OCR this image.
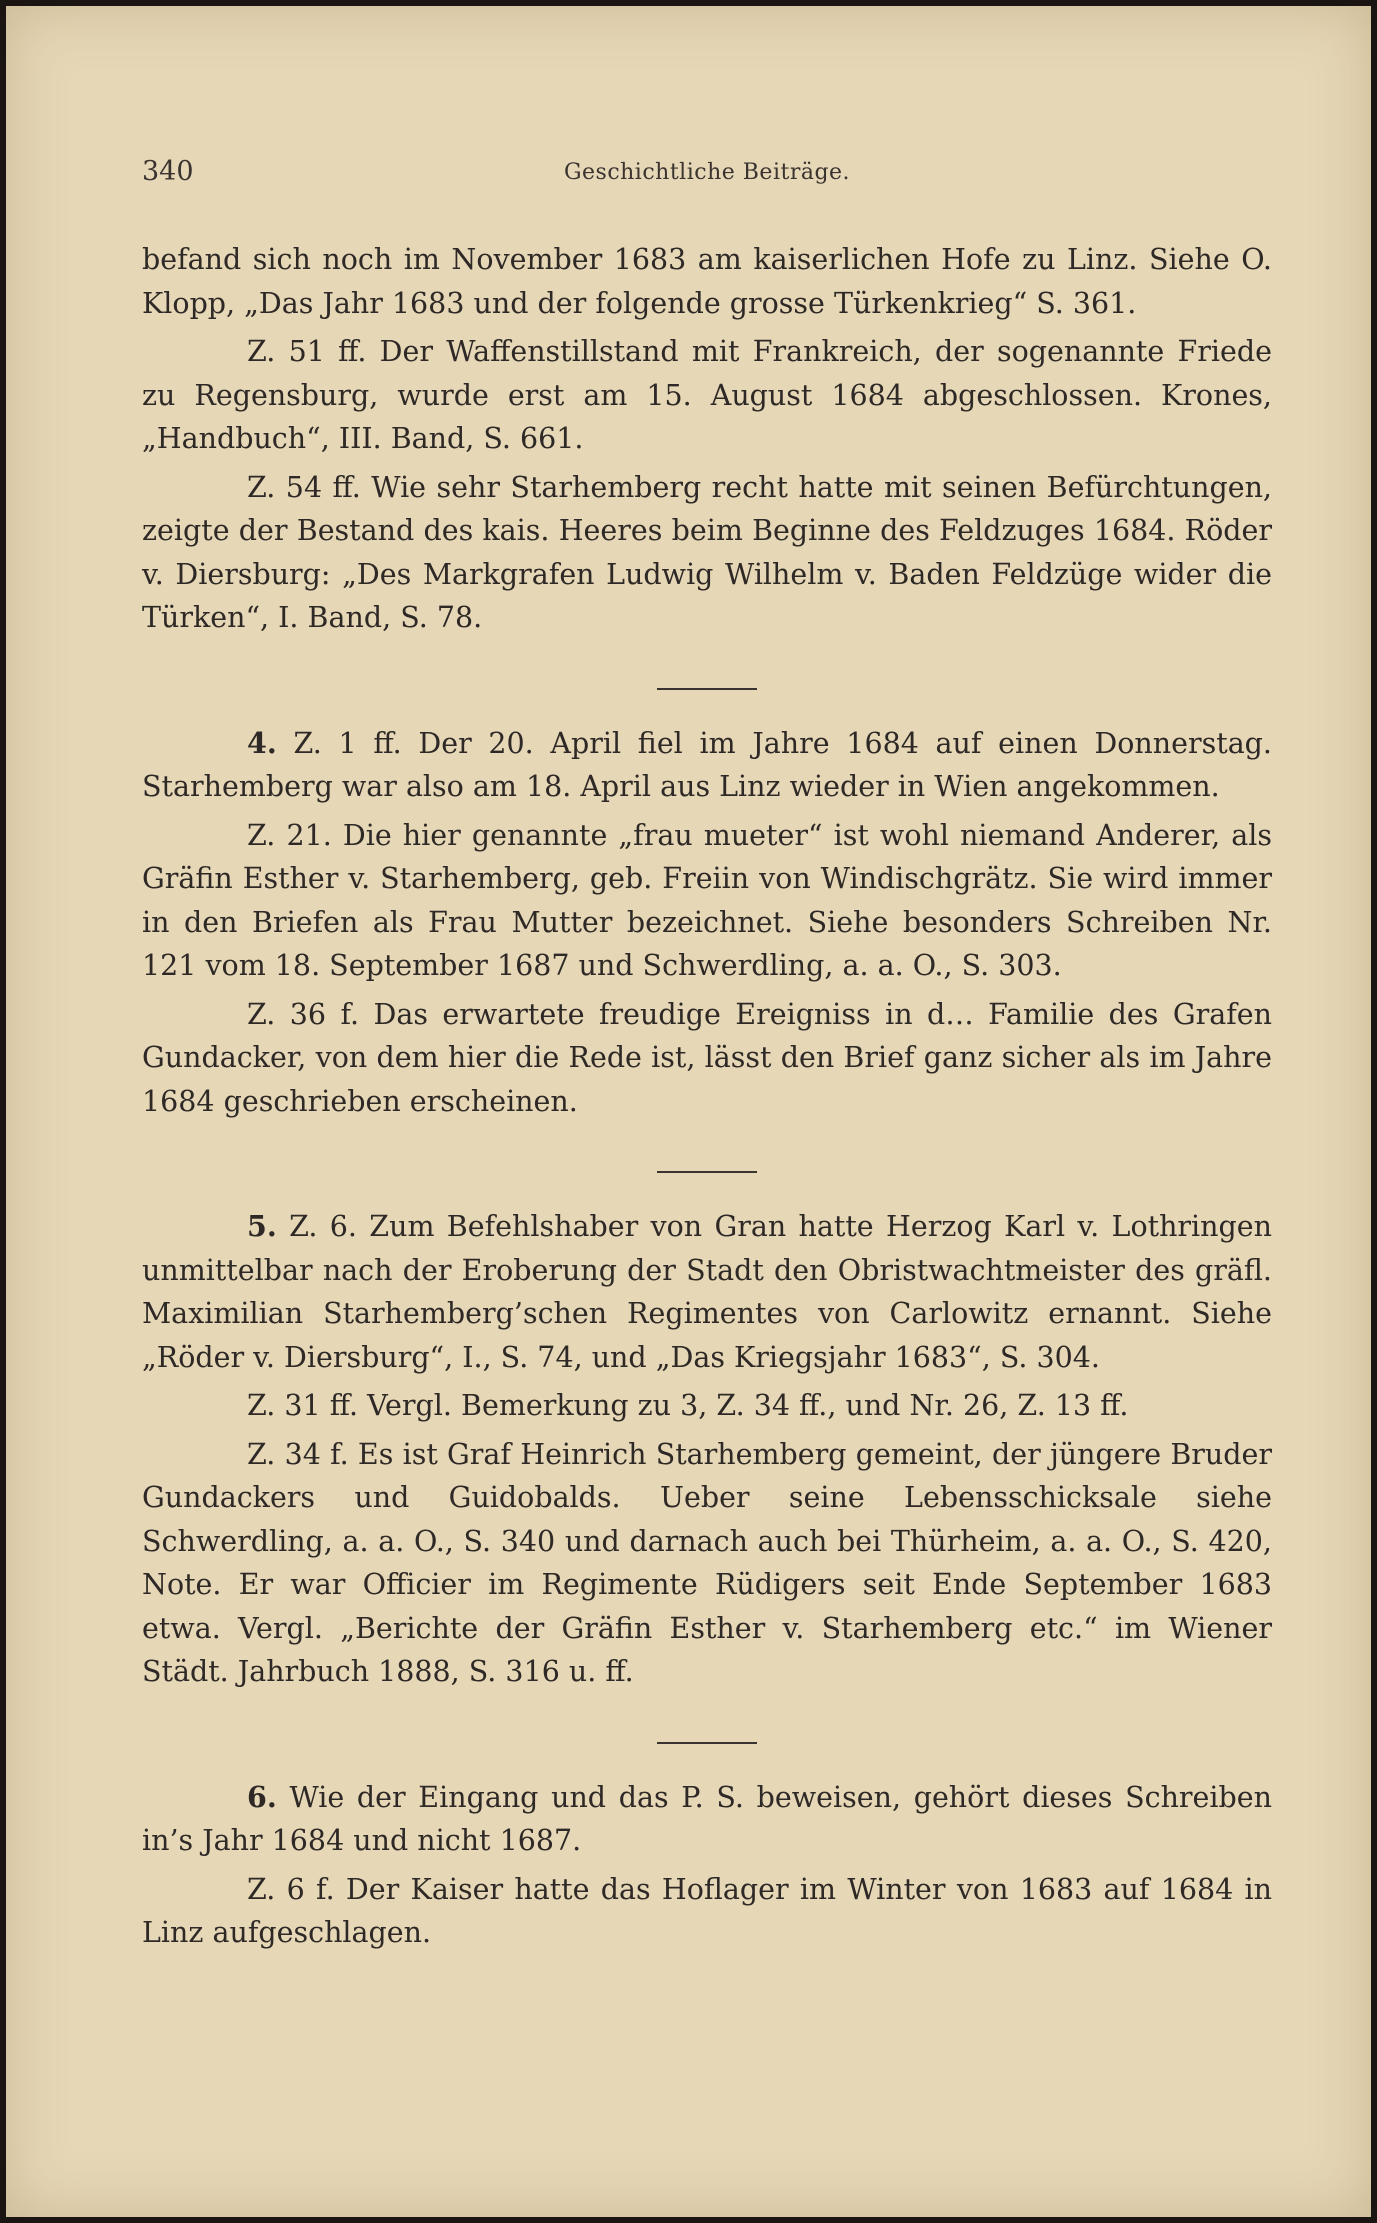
340	Geschichtliche Beiträge.

befand sich noch im November 1683 am kaiserlichen Hofe zu Linz. Siehe O. Klopp, „Das Jahr 1683 und der folgende grosse Türkenkrieg“ S. 361.

Z. 51 ff. Der Waffenstillstand mit Frankreich, der sogenannte Friede zu Regensburg, wurde erst am 15. August 1684 abgeschlossen. Krones, „Handbuch“, III. Band, S. 661.

Z. 54 ff. Wie sehr Starhemberg recht hatte mit seinen Befürchtungen, zeigte der Bestand des kais. Heeres beim Beginne des Feldzuges 1684. Röder v. Diersburg: „Des Markgrafen Ludwig Wilhelm v. Baden Feldzüge wider die Türken“, I. Band, S. 78.

4. Z. 1 ff. Der 20. April fiel im Jahre 1684 auf einen Donnerstag. Starhemberg war also am 18. April aus Linz wieder in Wien angekommen.

Z. 21. Die hier genannte „frau mueter“ ist wohl niemand Anderer, als Gräfin Esther v. Starhemberg, geb. Freiin von Windischgrätz. Sie wird immer in den Briefen als Frau Mutter bezeichnet. Siehe besonders Schreiben Nr. 121 vom 18. September 1687 und Schwerdling, a. a. O., S. 303.

Z. 36 f. Das erwartete freudige Ereigniss in d… Familie des Grafen Gundacker, von dem hier die Rede ist, lässt den Brief ganz sicher als im Jahre 1684 geschrieben erscheinen.

5. Z. 6. Zum Befehlshaber von Gran hatte Herzog Karl v. Lothringen unmittelbar nach der Eroberung der Stadt den Obristwachtmeister des gräfl. Maximilian Starhemberg’schen Regimentes von Carlowitz ernannt. Siehe „Röder v. Diersburg“, I., S. 74, und „Das Kriegsjahr 1683“, S. 304.

Z. 31 ff. Vergl. Bemerkung zu 3, Z. 34 ff., und Nr. 26, Z. 13 ff.

Z. 34 f. Es ist Graf Heinrich Starhemberg gemeint, der jüngere Bruder Gundackers und Guidobalds. Ueber seine Lebensschicksale siehe Schwerdling, a. a. O., S. 340 und darnach auch bei Thürheim, a. a. O., S. 420, Note. Er war Officier im Regimente Rüdigers seit Ende September 1683 etwa. Vergl. „Berichte der Gräfin Esther v. Starhemberg etc.“ im Wiener Städt. Jahrbuch 1888, S. 316 u. ff.

6. Wie der Eingang und das P. S. beweisen, gehört dieses Schreiben in’s Jahr 1684 und nicht 1687.

Z. 6 f. Der Kaiser hatte das Hoflager im Winter von 1683 auf 1684 in Linz aufgeschlagen.
